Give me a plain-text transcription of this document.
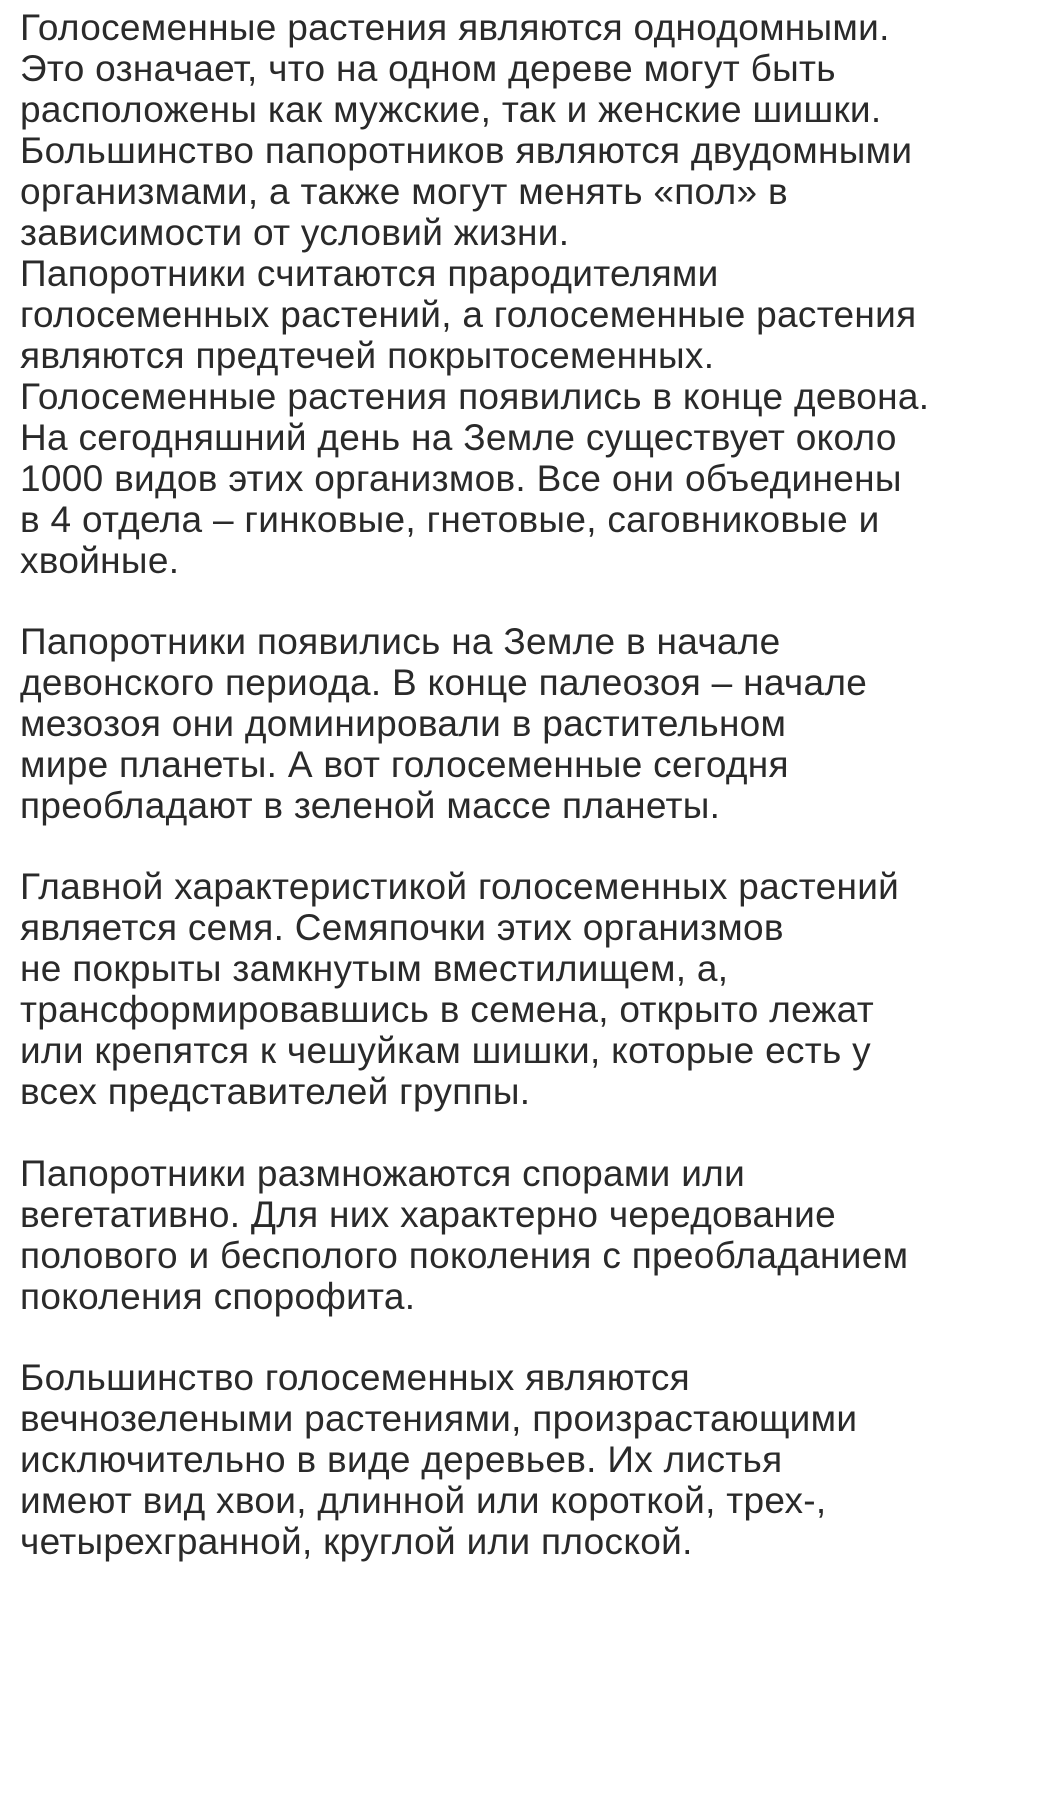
Голосеменные растения являются однодомными.
Это означает, что на одном дереве могут быть
расположены как мужские, так и женские шишки.
Большинство папоротников являются двудомными
организмами, а также могут менять «пол» в
зависимости от условий жизни.
Папоротники считаются прародителями
голосеменных растений, а голосеменные растения
являются предтечей покрытосеменных.
Голосеменные растения появились в конце девона.
На сегодняшний день на Земле существует около
1000 видов этих организмов. Все они объединены
в 4 отдела – гинковые, гнетовые, саговниковые и
хвойные.
Папоротники появились на Земле в начале
девонского периода. В конце палеозоя – начале
мезозоя они доминировали в растительном
мире планеты. А вот голосеменные сегодня
преобладают в зеленой массе планеты.
Главной характеристикой голосеменных растений
является семя. Семяпочки этих организмов
не покрыты замкнутым вместилищем, а,
трансформировавшись в семена, открыто лежат
или крепятся к чешуйкам шишки, которые есть у
всех представителей группы.
Папоротники размножаются спорами или
вегетативно. Для них характерно чередование
полового и бесполого поколения с преобладанием
поколения спорофита.
Большинство голосеменных являются
вечнозелеными растениями, произрастающими
исключительно в виде деревьев. Их листья
имеют вид хвои, длинной или короткой, трех-,
четырехгранной, круглой или плоской.
